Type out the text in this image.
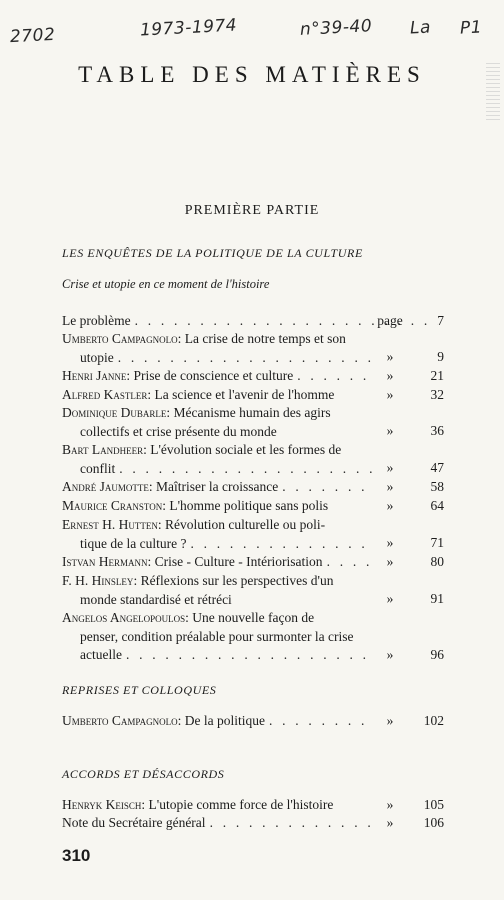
2702	1973-1974	n°39-40 La P1
TABLE DES MATIÈRES
PREMIÈRE PARTIE
LES ENQUÊTES DE LA POLITIQUE DE LA CULTURE
Crise et utopie en ce moment de l'histoire
Le problème . . .	page	7
Umberto Campagnolo: La crise de notre temps et son
utopie . . .	»	9
Henri Janne : Prise de conscience et culture . . .	»	21
Alfred Kastler : La science et l'avenir de l'homme	»	32
Dominique Dubarle: Mécanisme humain des agirs
collectifs et crise présente du monde	»	36
Bart Landheer: L'évolution sociale et les formes de
conflit . . .	»	47
André Jaumotte : Maîtriser la croissance . . .	»	58
Maurice Cranston: L'homme politique sans polis	»	64
Ernest H. Hutten: Révolution culturelle ou poli-
tique de la culture ? . . .	»	71
Istvan Hermann : Crise - Culture - Intériorisation . . .	»	80
F. H. Hinsley: Réflexions sur les perspectives d'un
monde standardisé et rétréci	»	91
Angelos Angelopoulos: Une nouvelle façon de
penser, condition préalable pour surmonter la crise
actuelle . . .	»	96
REPRISES ET COLLOQUES
Umberto Campagnolo : De la politique . . .	»	102
ACCORDS ET DÉSACCORDS
Henryk Keisch: L'utopie comme force de l'histoire	»	105
Note du Secrétaire général . . .	»	106
310
